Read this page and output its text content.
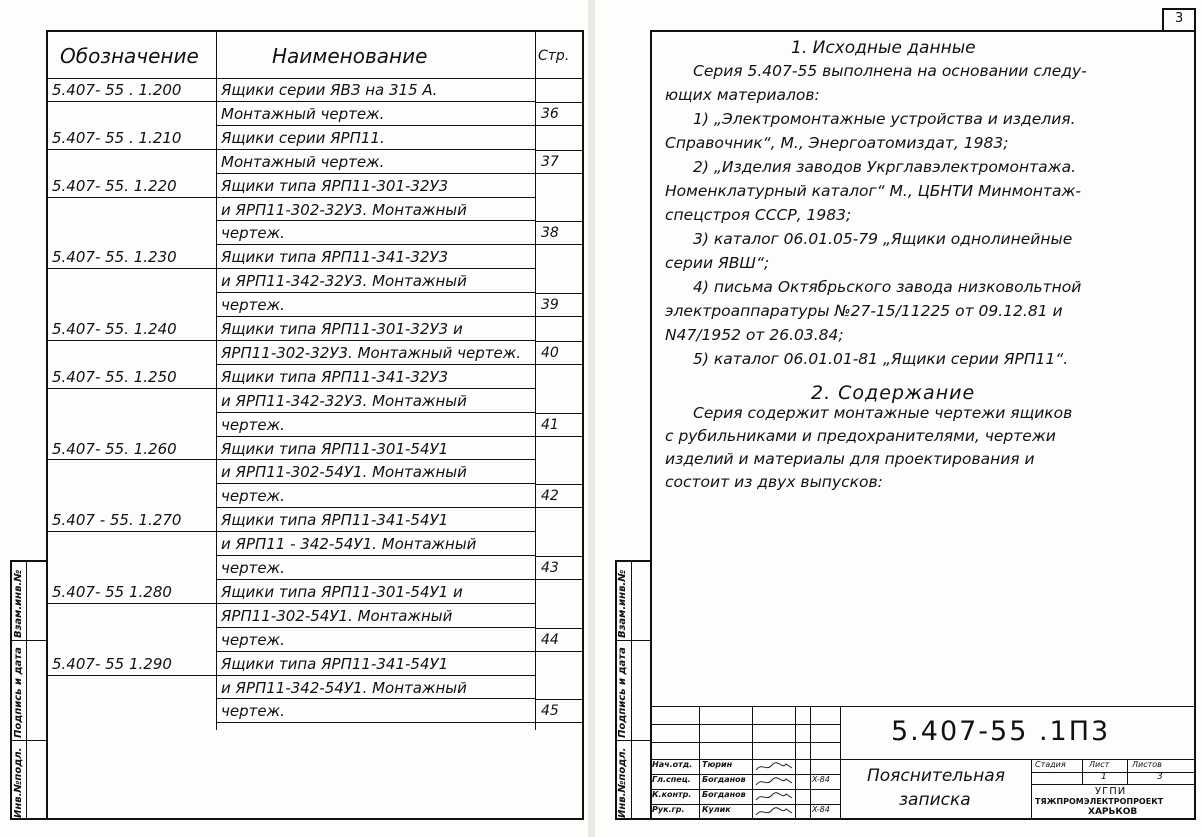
Инв.№подл.
Подпись и дата
Взам.инв.№
Обозначение	Наименование	Стр.
5.407- 55 . 1.200	Ящики серии ЯВЗ на 315 А.
Монтажный чертеж.	36
5.407- 55 . 1.210	Ящики серии ЯРП11.
Монтажный чертеж.	37
5.407- 55. 1.220	Ящики типа ЯРП11-301-32У3
и ЯРП11-302-32У3. Монтажный
чертеж.	38
5.407- 55. 1.230	Ящики типа ЯРП11-341-32У3
и ЯРП11-342-32У3. Монтажный
чертеж.	39
5.407- 55. 1.240	Ящики типа ЯРП11-301-32У3 и
ЯРП11-302-32У3. Монтажный чертеж. 40
5.407- 55. 1.250	Ящики типа ЯРП11-341-32У3
и ЯРП11-342-32У3. Монтажный
чертеж.	41
5.407- 55. 1.260	Ящики типа ЯРП11-301-54У1
и ЯРП11-302-54У1. Монтажный
чертеж.	42
5.407 - 55. 1.270	Ящики типа ЯРП11-341-54У1
и ЯРП11 - 342-54У1. Монтажный
чертеж.	43
5.407- 55 1.280	Ящики типа ЯРП11-301-54У1 и
ЯРП11-302-54У1. Монтажный
чертеж.	44
5.407- 55 1.290	Ящики типа ЯРП11-341-54У1
и ЯРП11-342-54У1. Монтажный
чертеж.	45
3
Инв.№подл.
Подпись и дата
Взам.инв.№
1. Исходные данные
Серия 5.407-55 выполнена на основании следу-
ющих материалов:
1) „Электромонтажные устройства и изделия.
Справочник“, М., Энергоатомиздат, 1983;
2) „Изделия заводов Укрглавэлектромонтажа.
Номенклатурный каталог“ М., ЦБНТИ Минмонтаж-
спецстроя СССР, 1983;
3) каталог 06.01.05-79 „Ящики однолинейные
серии ЯВШ“;
4) письма Октябрьского завода низковольтной
электроаппаратуры №27-15/11225 от 09.12.81 и
N47/1952 от 26.03.84;
5) каталог 06.01.01-81 „Ящики серии ЯРП11“.
2. Содержание
Серия содержит монтажные чертежи ящиков
с рубильниками и предохранителями, чертежи
изделий и материалы для проектирования и
состоит из двух выпусков:
5.407-55 .1П3
Пояснительная
записка
Стадия	Лист	Листов
1	3
УГПИ
ТЯЖПРОМЭЛЕКТРОПРОЕКТ
ХАРЬКОВ
Нач.отд. Тюрин
Гл.спец. Богданов	X-84
К.контр. Богданов
Рук.гр. Кулик	X-84
